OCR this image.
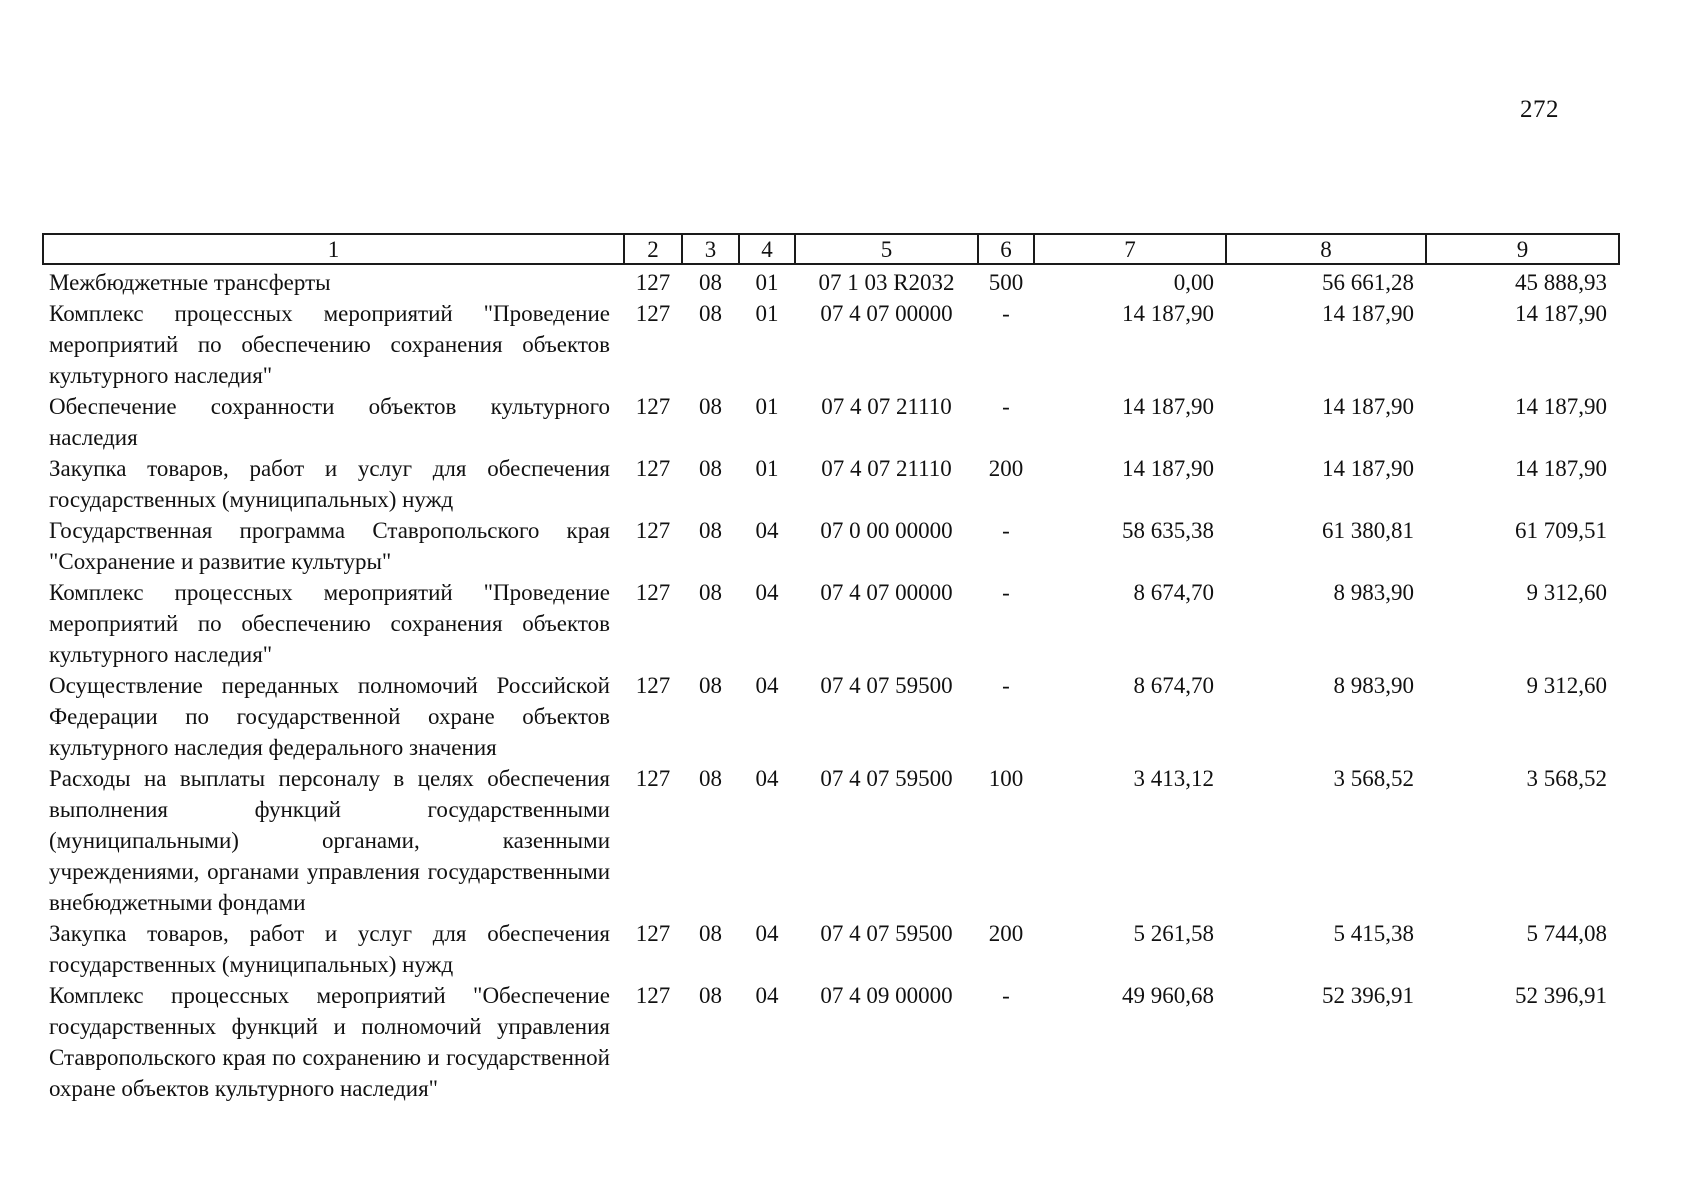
272
1	2	3	4	5	6	7	8	9
Межбюджетные трансферты	127	08	01	07 1 03 R2032	500	0,00	56 661,28	45 888,93
Комплекс процессных мероприятий "Проведение мероприятий по обеспечению сохранения объектов культурного наследия"	127	08	01	07 4 07 00000	-	14 187,90	14 187,90	14 187,90
Обеспечение сохранности объектов культурного наследия	127	08	01	07 4 07 21110	-	14 187,90	14 187,90	14 187,90
Закупка товаров, работ и услуг для обеспечения государственных (муниципальных) нужд	127	08	01	07 4 07 21110	200	14 187,90	14 187,90	14 187,90
Государственная программа Ставропольского края "Сохранение и развитие культуры"	127	08	04	07 0 00 00000	-	58 635,38	61 380,81	61 709,51
Комплекс процессных мероприятий "Проведение мероприятий по обеспечению сохранения объектов культурного наследия"	127	08	04	07 4 07 00000	-	8 674,70	8 983,90	9 312,60
Осуществление переданных полномочий Российской Федерации по государственной охране объектов культурного наследия федерального значения	127	08	04	07 4 07 59500	-	8 674,70	8 983,90	9 312,60
Расходы на выплаты персоналу в целях обеспечения выполнения функций государственными (муниципальными) органами, казенными учреждениями, органами управления государственными внебюджетными фондами	127	08	04	07 4 07 59500	100	3 413,12	3 568,52	3 568,52
Закупка товаров, работ и услуг для обеспечения государственных (муниципальных) нужд	127	08	04	07 4 07 59500	200	5 261,58	5 415,38	5 744,08
Комплекс процессных мероприятий "Обеспечение государственных функций и полномочий управления Ставропольского края по сохранению и государственной охране объектов культурного наследия"	127	08	04	07 4 09 00000	-	49 960,68	52 396,91	52 396,91
